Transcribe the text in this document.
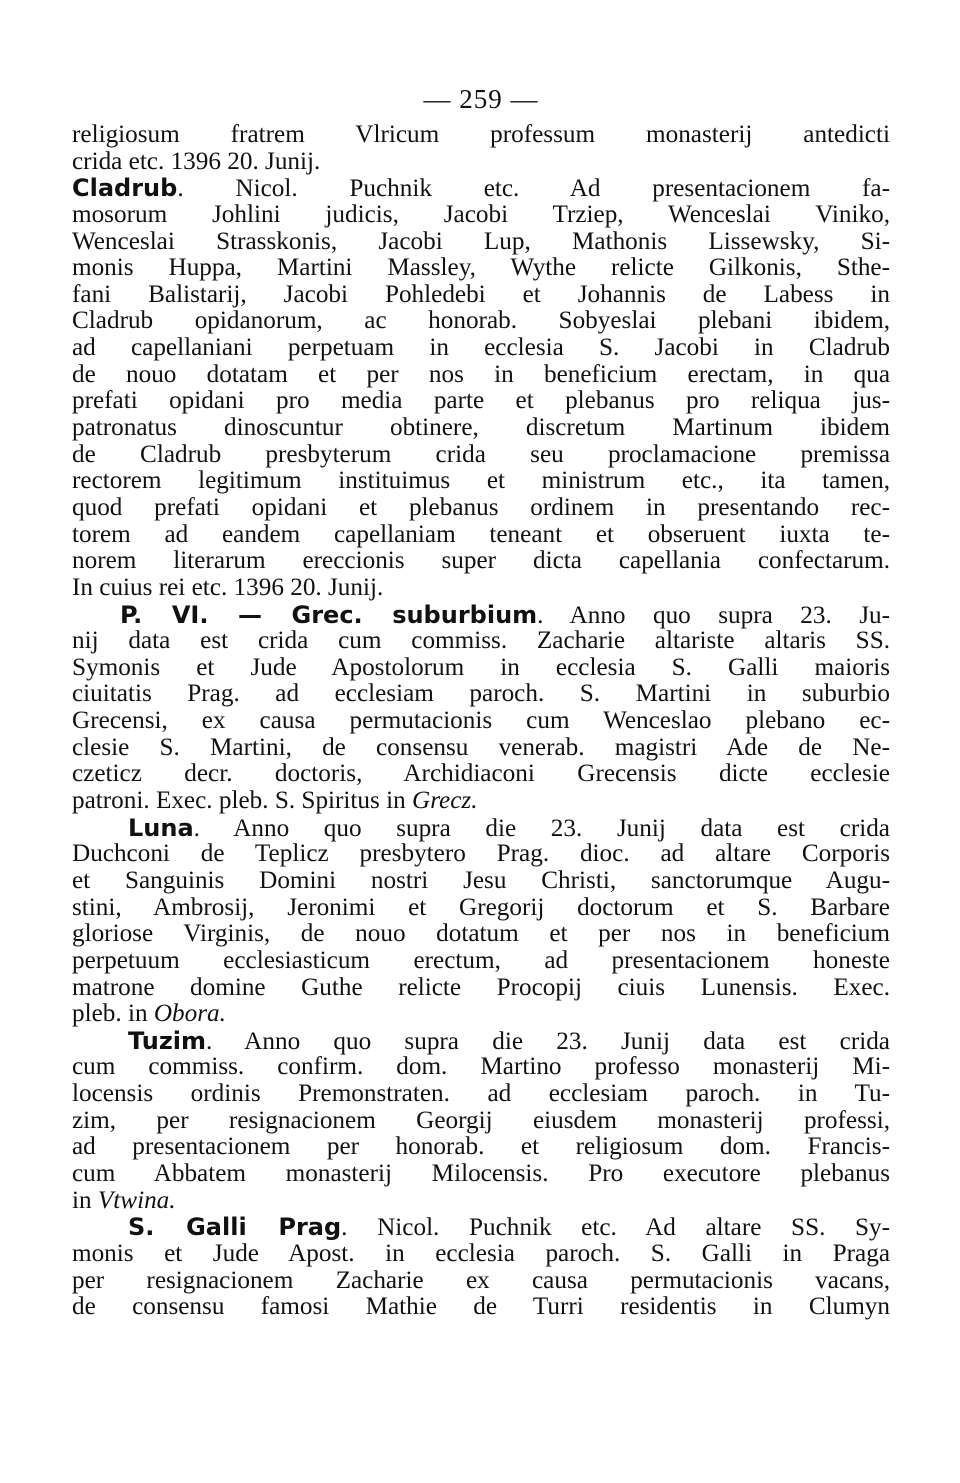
— 259 —
religiosum fratrem Vlricum professum monasterij antedicti
crida etc. 1396 20. Junij.
Cladrub. Nicol. Puchnik etc. Ad presentacionem fa-
mosorum Johlini judicis, Jacobi Trziep, Wenceslai Viniko,
Wenceslai Strasskonis, Jacobi Lup, Mathonis Lissewsky, Si-
monis Huppa, Martini Massley, Wythe relicte Gilkonis, Sthe-
fani Balistarij, Jacobi Pohledebi et Johannis de Labess in
Cladrub opidanorum, ac honorab. Sobyeslai plebani ibidem,
ad capellaniani perpetuam in ecclesia S. Jacobi in Cladrub
de nouo dotatam et per nos in beneficium erectam, in qua
prefati opidani pro media parte et plebanus pro reliqua jus-
patronatus dinoscuntur obtinere, discretum Martinum ibidem
de Cladrub presbyterum crida seu proclamacione premissa
rectorem legitimum instituimus et ministrum etc., ita tamen,
quod prefati opidani et plebanus ordinem in presentando rec-
torem ad eandem capellaniam teneant et obseruent iuxta te-
norem literarum ereccionis super dicta capellania confectarum.
In cuius rei etc. 1396 20. Junij.
P. VI. — Grec. suburbium. Anno quo supra 23. Ju-
nij data est crida cum commiss. Zacharie altariste altaris SS.
Symonis et Jude Apostolorum in ecclesia S. Galli maioris
ciuitatis Prag. ad ecclesiam paroch. S. Martini in suburbio
Grecensi, ex causa permutacionis cum Wenceslao plebano ec-
clesie S. Martini, de consensu venerab. magistri Ade de Ne-
czeticz decr. doctoris, Archidiaconi Grecensis dicte ecclesie
patroni. Exec. pleb. S. Spiritus in Grecz.
Luna. Anno quo supra die 23. Junij data est crida
Duchconi de Teplicz presbytero Prag. dioc. ad altare Corporis
et Sanguinis Domini nostri Jesu Christi, sanctorumque Augu-
stini, Ambrosij, Jeronimi et Gregorij doctorum et S. Barbare
gloriose Virginis, de nouo dotatum et per nos in beneficium
perpetuum ecclesiasticum erectum, ad presentacionem honeste
matrone domine Guthe relicte Procopij ciuis Lunensis. Exec.
pleb. in Obora.
Tuzim. Anno quo supra die 23. Junij data est crida
cum commiss. confirm. dom. Martino professo monasterij Mi-
locensis ordinis Premonstraten. ad ecclesiam paroch. in Tu-
zim, per resignacionem Georgij eiusdem monasterij professi,
ad presentacionem per honorab. et religiosum dom. Francis-
cum Abbatem monasterij Milocensis. Pro executore plebanus
in Vtwina.
S. Galli Prag. Nicol. Puchnik etc. Ad altare SS. Sy-
monis et Jude Apost. in ecclesia paroch. S. Galli in Praga
per resignacionem Zacharie ex causa permutacionis vacans,
de consensu famosi Mathie de Turri residentis in Clumyn
